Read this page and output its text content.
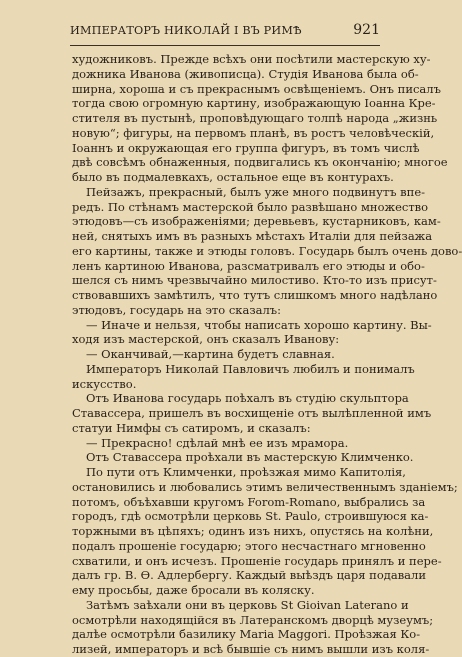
ИМПЕРАТОРЪ НИКОЛАЙ I ВЪ РИМѢ	921
художниковъ. Прежде всѣхъ они посѣтили мастерскую ху-
дожника Иванова (живописца). Студія Иванова была об-
ширна, хороша и съ прекраснымъ освѣщеніемъ. Онъ писалъ
тогда свою огромную картину, изображающую Іоанна Кре-
стителя въ пустынѣ, проповѣдующаго толпѣ народа „жизнь
новую“; фигуры, на первомъ планѣ, въ ростъ человѣческій,
Іоаннъ и окружающая его группа фигуръ, въ томъ числѣ
двѣ совсѣмъ обнаженныя, подвигались къ окончанію; многое
было въ подмалевкахъ, остальное еще въ контурахъ.
Пейзажъ, прекрасный, былъ уже много подвинутъ впе-
редъ. По стѣнамъ мастерской было развѣшано множество
этюдовъ—съ изображеніями; деревьевъ, кустарниковъ, кам-
ней, снятыхъ имъ въ разныхъ мѣстахъ Италіи для пейзажа
его картины, также и этюды головъ. Государь былъ очень дово-
ленъ картиною Иванова, разсматривалъ его этюды и обо-
шелся съ нимъ чрезвычайно милостиво. Кто-то изъ присут-
ствовавшихъ замѣтилъ, что тутъ слишкомъ много надѣлано
этюдовъ, государь на это сказалъ:
— Иначе и нельзя, чтобы написать хорошо картину. Вы-
ходя изъ мастерской, онъ сказалъ Иванову:
— Оканчивай,—картина будетъ славная.
Императоръ Николай Павловичъ любилъ и понималъ
искусство.
Отъ Иванова государь поѣхалъ въ студію скульптора
Ставассера, пришелъ въ восхищеніе отъ вылѣпленной имъ
статуи Нимфы съ сатиромъ, и сказалъ:
— Прекрасно! сдѣлай мнѣ ее изъ мрамора.
Отъ Ставассера проѣхали въ мастерскую Климченко.
По пути отъ Климченки, проѣзжая мимо Капитолія,
остановились и любовались этимъ величественнымъ зданіемъ;
потомъ, объѣхавши кругомъ Forom-Romano, выбрались за
городъ, гдѣ осмотрѣли церковь St. Paulo, строившуюся ка-
торжными въ цѣпяхъ; одинъ изъ нихъ, опустясь на колѣни,
подалъ прошеніе государю; этого несчастнаго мгновенно
схватили, и онъ исчезъ. Прошеніе государь принялъ и пере-
далъ гр. В. Ѳ. Адлербергу. Каждый выѣздъ царя подавали
ему просьбы, даже бросали въ коляску.
Затѣмъ заѣхали они въ церковь St Gioivan Laterano и
осмотрѣли находящійся въ Латеранскомъ дворцѣ музеумъ;
далѣе осмотрѣли базилику Maria Maggori. Проѣзжая Ко-
лизей, императоръ и всѣ бывшіе съ нимъ вышли изъ коля-
